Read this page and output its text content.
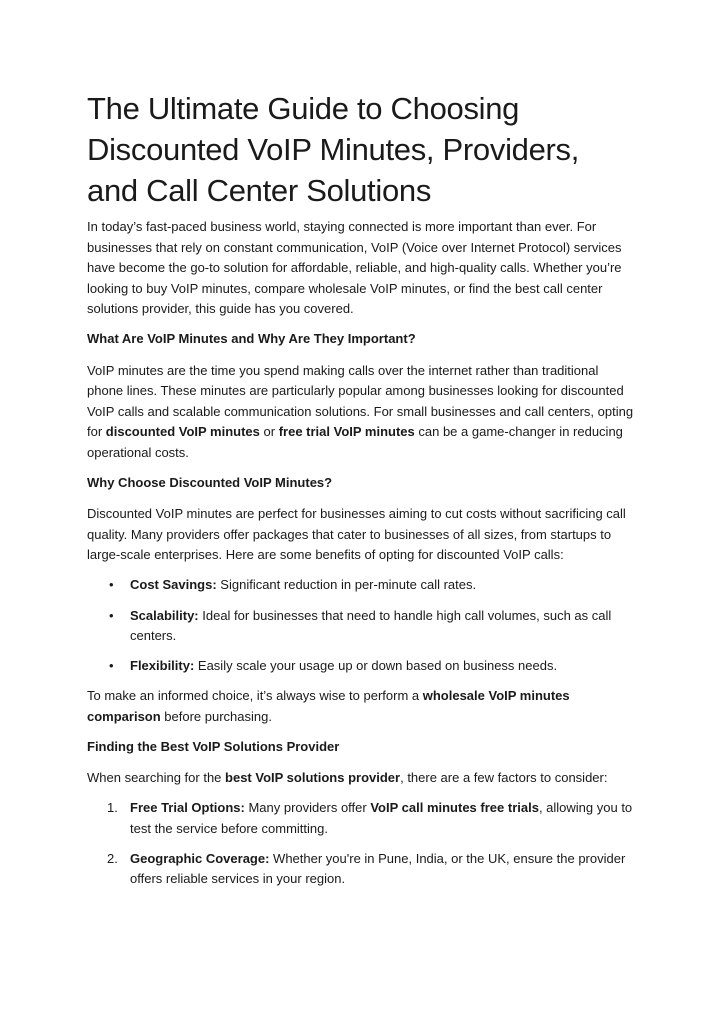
The Ultimate Guide to Choosing Discounted VoIP Minutes, Providers, and Call Center Solutions

In today’s fast-paced business world, staying connected is more important than ever. For businesses that rely on constant communication, VoIP (Voice over Internet Protocol) services have become the go-to solution for affordable, reliable, and high-quality calls. Whether you’re looking to buy VoIP minutes, compare wholesale VoIP minutes, or find the best call center solutions provider, this guide has you covered.

What Are VoIP Minutes and Why Are They Important?

VoIP minutes are the time you spend making calls over the internet rather than traditional phone lines. These minutes are particularly popular among businesses looking for discounted VoIP calls and scalable communication solutions. For small businesses and call centers, opting for discounted VoIP minutes or free trial VoIP minutes can be a game-changer in reducing operational costs.

Why Choose Discounted VoIP Minutes?

Discounted VoIP minutes are perfect for businesses aiming to cut costs without sacrificing call quality. Many providers offer packages that cater to businesses of all sizes, from startups to large-scale enterprises. Here are some benefits of opting for discounted VoIP calls:

• Cost Savings: Significant reduction in per-minute call rates.
• Scalability: Ideal for businesses that need to handle high call volumes, such as call centers.
• Flexibility: Easily scale your usage up or down based on business needs.

To make an informed choice, it’s always wise to perform a wholesale VoIP minutes comparison before purchasing.

Finding the Best VoIP Solutions Provider

When searching for the best VoIP solutions provider, there are a few factors to consider:

1. Free Trial Options: Many providers offer VoIP call minutes free trials, allowing you to test the service before committing.
2. Geographic Coverage: Whether you're in Pune, India, or the UK, ensure the provider offers reliable services in your region.
